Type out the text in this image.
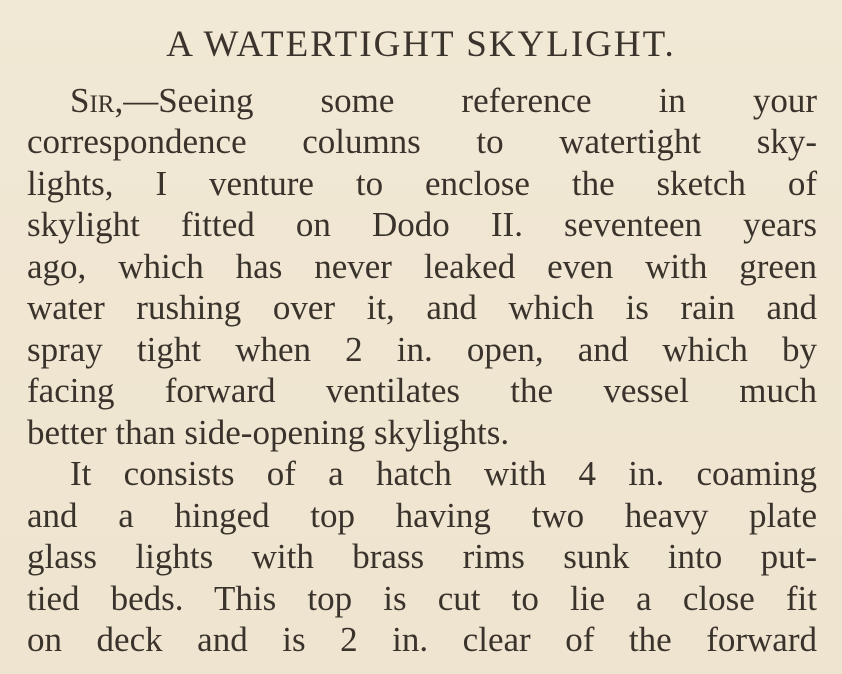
A WATERTIGHT SKYLIGHT.
Sir,—Seeing some reference in your
correspondence columns to watertight sky-
lights, I venture to enclose the sketch of
skylight fitted on Dodo II. seventeen years
ago, which has never leaked even with green
water rushing over it, and which is rain and
spray tight when 2 in. open, and which by
facing forward ventilates the vessel much
better than side-opening skylights.
It consists of a hatch with 4 in. coaming
and a hinged top having two heavy plate
glass lights with brass rims sunk into put-
tied beds. This top is cut to lie a close fit
on deck and is 2 in. clear of the forward
